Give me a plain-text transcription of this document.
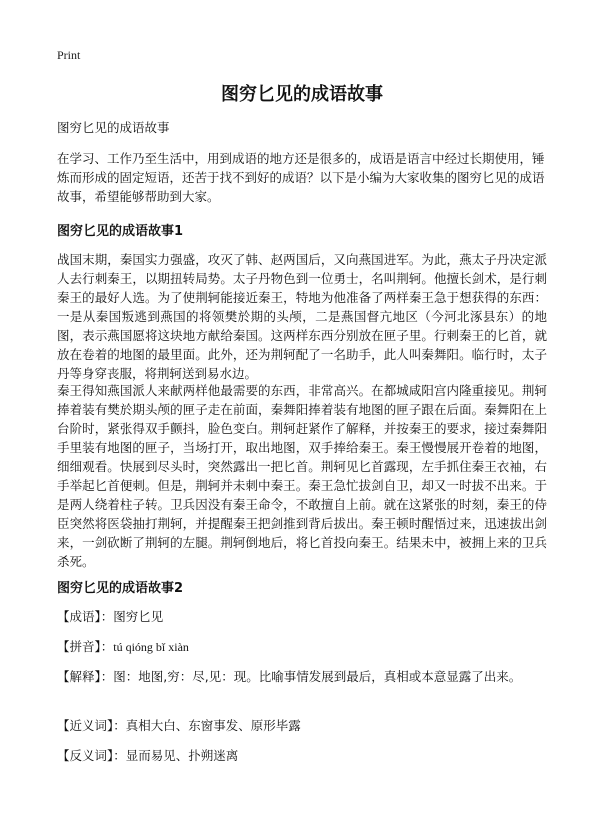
Print
图穷匕见的成语故事

图穷匕见的成语故事

在学习、工作乃至生活中，用到成语的地方还是很多的，成语是语言中经过长期使用，锤炼而形成的固定短语，还苦于找不到好的成语？以下是小编为大家收集的图穷匕见的成语故事，希望能够帮助到大家。

图穷匕见的成语故事1

战国末期，秦国实力强盛，攻灭了韩、赵两国后，又向燕国进军。为此，燕太子丹决定派人去行刺秦王，以期扭转局势。太子丹物色到一位勇士，名叫荆轲。他擅长剑术，是行刺秦王的最好人选。为了使荆轲能接近秦王，特地为他准备了两样秦王急于想获得的东西：一是从秦国叛逃到燕国的将领樊於期的头颅，二是燕国督亢地区（今河北涿县东）的地图，表示燕国愿将这块地方献给秦国。这两样东西分别放在匣子里。行刺秦王的匕首，就放在卷着的地图的最里面。此外，还为荆轲配了一名助手，此人叫秦舞阳。临行时，太子丹等身穿丧服，将荆轲送到易水边。

秦王得知燕国派人来献两样他最需要的东西，非常高兴。在都城咸阳宫内隆重接见。荆轲捧着装有樊於期头颅的匣子走在前面，秦舞阳捧着装有地图的匣子跟在后面。秦舞阳在上台阶时，紧张得双手颤抖，脸色变白。荆轲赶紧作了解释，并按秦王的要求，接过秦舞阳手里装有地图的匣子，当场打开，取出地图，双手捧给秦王。秦王慢慢展开卷着的地图，细细观看。快展到尽头时，突然露出一把匕首。荆轲见匕首露现，左手抓住秦王衣袖，右手举起匕首便刺。但是，荆轲并未刺中秦王。秦王急忙拔剑自卫，却又一时拔不出来。于是两人绕着柱子转。卫兵因没有秦王命令，不敢擅自上前。就在这紧张的时刻，秦王的侍臣突然将医袋抽打荆轲，并提醒秦王把剑推到背后拔出。秦王顿时醒悟过来，迅速拔出剑来，一剑砍断了荆轲的左腿。荆轲倒地后，将匕首投向秦王。结果未中，被拥上来的卫兵杀死。

图穷匕见的成语故事2

【成语】：图穷匕见

【拼音】：tú qióng bǐ xiàn

【解释】：图：地图,穷：尽,见：现。比喻事情发展到最后，真相或本意显露了出来。

【近义词】：真相大白、东窗事发、原形毕露

【反义词】：显而易见、扑朔迷离
